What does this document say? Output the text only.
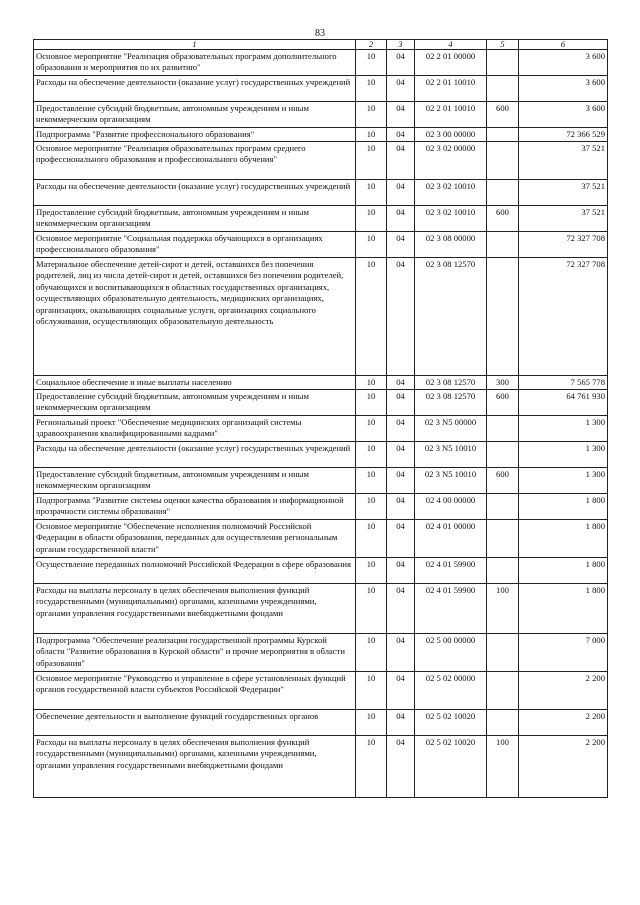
83
1	2	3	4	5	6
Основное мероприятие "Реализация образовательных программ дополнительного образования и мероприятия по их развитию"	10	04	02 2 01 00000		3 600
Расходы на обеспечение деятельности (оказание услуг) государственных учреждений	10	04	02 2 01 10010		3 600
Предоставление субсидий бюджетным, автономным учреждениям и иным некоммерческим организациям	10	04	02 2 01 10010	600	3 600
Подпрограмма "Развитие профессионального образования"	10	04	02 3 00 00000		72 366 529
Основное мероприятие "Реализация образовательных программ среднего профессионального образования и профессионального обучения"	10	04	02 3 02 00000		37 521
Расходы на обеспечение деятельности (оказание услуг) государственных учреждений	10	04	02 3 02 10010		37 521
Предоставление субсидий бюджетным, автономным учреждениям и иным некоммерческим организациям	10	04	02 3 02 10010	600	37 521
Основное мероприятие "Социальная поддержка обучающихся в организациях профессионального образования"	10	04	02 3 08 00000		72 327 708
Материальное обеспечение детей-сирот и детей, оставшихся без попечения родителей, лиц из числа детей-сирот и детей, оставшихся без попечения родителей, обучающихся и воспитывающихся в областных государственных организациях, осуществляющих образовательную деятельность, медицинских организациях, организациях, оказывающих социальные услуги, организациях социального обслуживания, осуществляющих образовательную деятельность	10	04	02 3 08 12570		72 327 708
Социальное обеспечение и иные выплаты населению	10	04	02 3 08 12570	300	7 565 778
Предоставление субсидий бюджетным, автономным учреждениям и иным некоммерческим организациям	10	04	02 3 08 12570	600	64 761 930
Региональный проект "Обеспечение медицинских организаций системы здравоохранения квалифицированными кадрами"	10	04	02 3 N5 00000		1 300
Расходы на обеспечение деятельности (оказание услуг) государственных учреждений	10	04	02 3 N5 10010		1 300
Предоставление субсидий бюджетным, автономным учреждениям и иным некоммерческим организациям	10	04	02 3 N5 10010	600	1 300
Подпрограмма "Развитие системы оценки качества образования и информационной прозрачности системы образования"	10	04	02 4 00 00000		1 800
Основное мероприятие "Обеспечение исполнения полномочий Российской Федерации в области образования, переданных для осуществления региональным органам государственной власти"	10	04	02 4 01 00000		1 800
Осуществление переданных полномочий Российской Федерации в сфере образования	10	04	02 4 01 59900		1 800
Расходы на выплаты персоналу в целях обеспечения выполнения функций государственными (муниципальными) органами, казенными учреждениями, органами управления государственными внебюджетными фондами	10	04	02 4 01 59900	100	1 800
Подпрограмма "Обеспечение реализации государственной программы Курской области "Развитие образования в Курской области" и прочие мероприятия в области образования"	10	04	02 5 00 00000		7 000
Основное мероприятие "Руководство и управление в сфере установленных функций органов государственной власти субъектов Российской Федерации"	10	04	02 5 02 00000		2 200
Обеспечение деятельности и выполнение функций государственных органов	10	04	02 5 02 10020		2 200
Расходы на выплаты персоналу в целях обеспечения выполнения функций государственными (муниципальными) органами, казенными учреждениями, органами управления государственными внебюджетными фондами	10	04	02 5 02 10020	100	2 200
